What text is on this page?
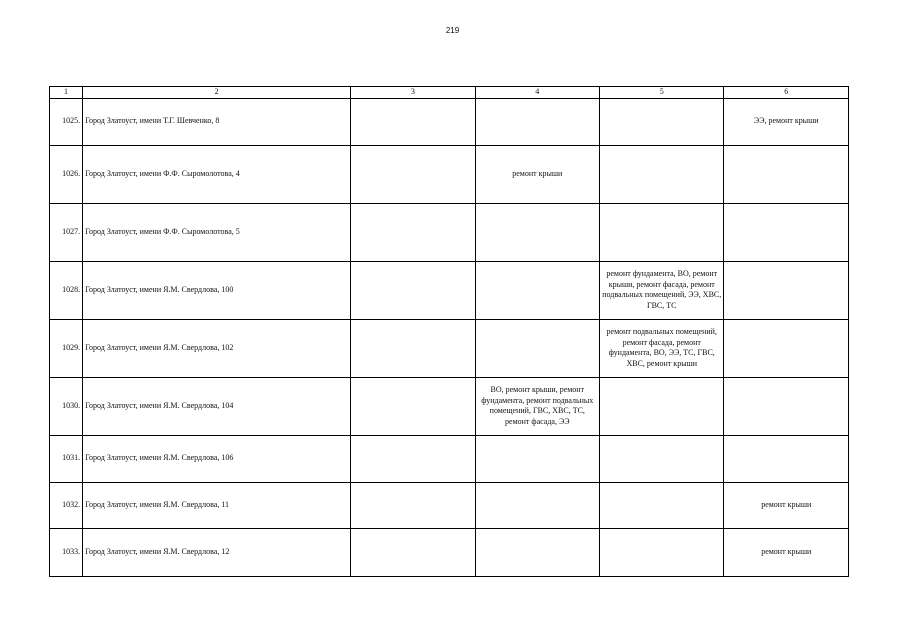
219
1	2	3	4	5	6
1025.	Город Златоуст, имени Т.Г. Шевченко, 8				ЭЭ, ремонт крыши
1026.	Город Златоуст, имени Ф.Ф. Сыромолотова, 4		ремонт крыши		
1027.	Город Златоуст, имени Ф.Ф. Сыромолотова, 5				
1028.	Город Златоуст, имени Я.М. Свердлова, 100			ремонт фундамента, ВО, ремонт крыши, ремонт фасада, ремонт подвальных помещений, ЭЭ, ХВС, ГВС, ТС	
1029.	Город Златоуст, имени Я.М. Свердлова, 102			ремонт подвальных помещений, ремонт фасада, ремонт фундамента, ВО, ЭЭ, ТС, ГВС, ХВС, ремонт крыши	
1030.	Город Златоуст, имени Я.М. Свердлова, 104		ВО, ремонт крыши, ремонт фундамента, ремонт подвальных помещений, ГВС, ХВС, ТС, ремонт фасада, ЭЭ		
1031.	Город Златоуст, имени Я.М. Свердлова, 106				
1032.	Город Златоуст, имени Я.М. Свердлова, 11				ремонт крыши
1033.	Город Златоуст, имени Я.М. Свердлова, 12				ремонт крыши
